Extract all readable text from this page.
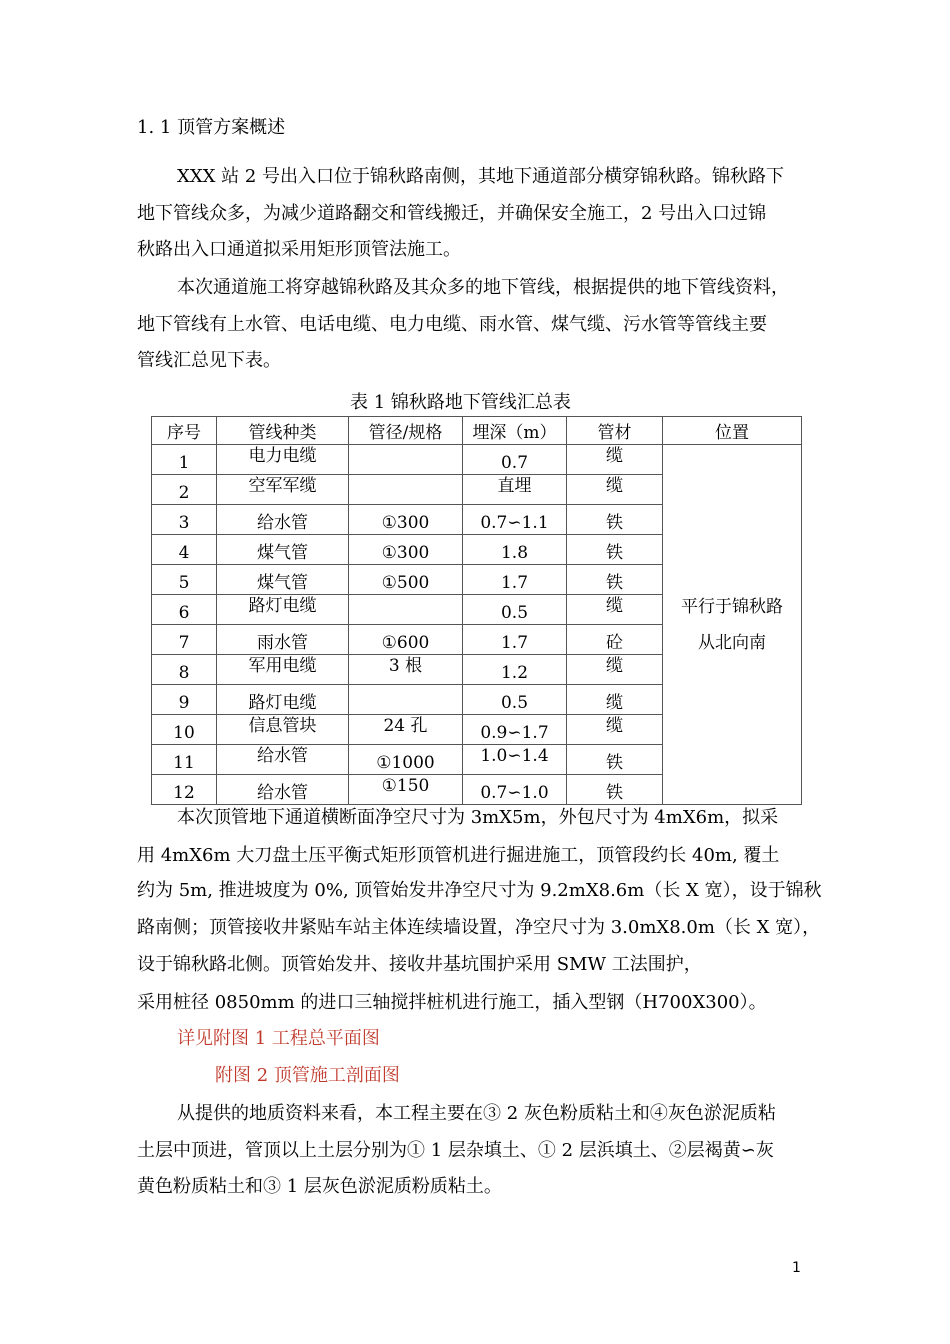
1. 1 顶管方案概述
XXX 站 2 号出入口位于锦秋路南侧，其地下通道部分横穿锦秋路。锦秋路下
地下管线众多，为减少道路翻交和管线搬迁，并确保安全施工，2 号出入口过锦
秋路出入口通道拟采用矩形顶管法施工。
本次通道施工将穿越锦秋路及其众多的地下管线，根据提供的地下管线资料，
地下管线有上水管、电话电缆、电力电缆、雨水管、煤气缆、污水管等管线主要
管线汇总见下表。
表 1 锦秋路地下管线汇总表
序号	管线种类	管径/规格	埋深（m）	管材	位置
1	电力电缆		0.7	缆	平行于锦秋路
从北向南

2	空军军缆		直埋	缆	
3	给水管	①300	0.7∽1.1	铁	
4	煤气管	①300	1.8	铁	
5	煤气管	①500	1.7	铁	
6	路灯电缆		0.5	缆	
7	雨水管	①600	1.7	砼	
8	军用电缆	3 根	1.2	缆	
9	路灯电缆		0.5	缆	
10	信息管块	24 孔	0.9∽1.7	缆	
11	给水管	①1000	1.0∽1.4	铁	
12	给水管	①150	0.7∽1.0	铁	
本次顶管地下通道横断面净空尺寸为 3mX5m，外包尺寸为 4mX6m，拟采
用 4mX6m 大刀盘土压平衡式矩形顶管机进行掘进施工，顶管段约长 40m, 覆土
约为 5m, 推进坡度为 0%, 顶管始发井净空尺寸为 9.2mX8.6m（长 X 宽），设于锦秋
路南侧；顶管接收井紧贴车站主体连续墙设置，净空尺寸为 3.0mX8.0m（长 X 宽），
设于锦秋路北侧。顶管始发井、接收井基坑围护采用 SMW 工法围护，
采用桩径 0850mm 的进口三轴搅拌桩机进行施工，插入型钢（H700X300）。
详见附图 1 工程总平面图
附图 2 顶管施工剖面图
从提供的地质资料来看，本工程主要在③ 2 灰色粉质粘土和④灰色淤泥质粘
土层中顶进，管顶以上土层分别为① 1 层杂填土、① 2 层浜填土、②层褐黄∽灰
黄色粉质粘土和③ 1 层灰色淤泥质粉质粘土。
1
